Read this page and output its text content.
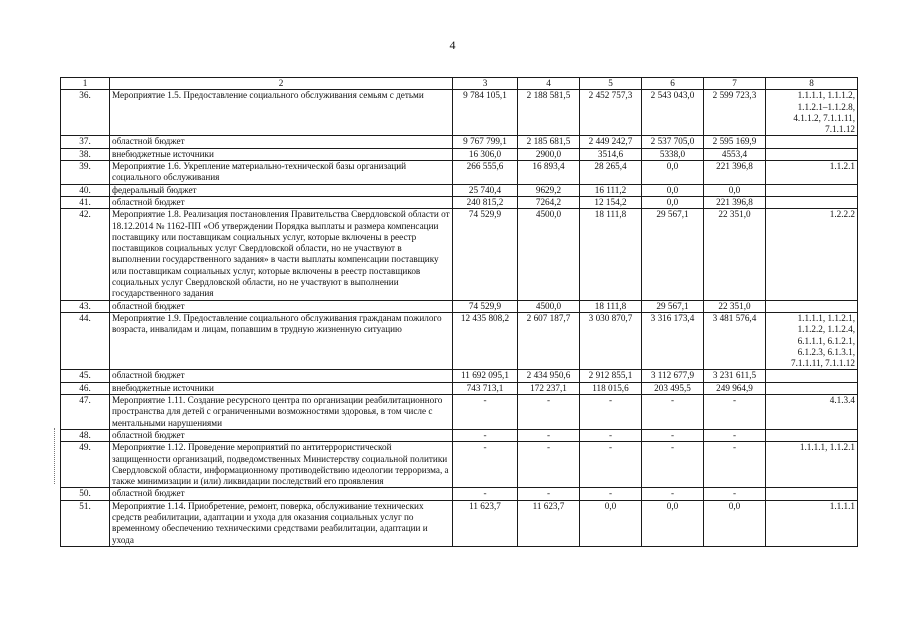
4
1	2	3	4	5	6	7	8
36.	Мероприятие 1.5. Предоставление социального обслуживания семьям с детьми	9 784 105,1	2 188 581,5	2 452 757,3	2 543 043,0	2 599 723,3	1.1.1.1, 1.1.1.2, 1.1.2.1–1.1.2.8, 4.1.1.2, 7.1.1.11, 7.1.1.12
37.	областной бюджет	9 767 799,1	2 185 681,5	2 449 242,7	2 537 705,0	2 595 169,9	
38.	внебюджетные источники	16 306,0	2900,0	3514,6	5338,0	4553,4	
39.	Мероприятие 1.6. Укрепление материально-технической базы организаций социального обслуживания	266 555,6	16 893,4	28 265,4	0,0	221 396,8	1.1.2.1
40.	федеральный бюджет	25 740,4	9629,2	16 111,2	0,0	0,0	
41.	областной бюджет	240 815,2	7264,2	12 154,2	0,0	221 396,8	
42.	Мероприятие 1.8. Реализация постановления Правительства Свердловской области от 18.12.2014 № 1162-ПП «Об утверждении Порядка выплаты и размера компенсации поставщику или поставщикам социальных услуг, которые включены в реестр поставщиков социальных услуг Свердловской области, но не участвуют в выполнении государственного задания» в части выплаты компенсации поставщику или поставщикам социальных услуг, которые включены в реестр поставщиков социальных услуг Свердловской области, но не участвуют в выполнении государственного задания	74 529,9	4500,0	18 111,8	29 567,1	22 351,0	1.2.2.2
43.	областной бюджет	74 529,9	4500,0	18 111,8	29 567,1	22 351,0	
44.	Мероприятие 1.9. Предоставление социального обслуживания гражданам пожилого возраста, инвалидам и лицам, попавшим в трудную жизненную ситуацию	12 435 808,2	2 607 187,7	3 030 870,7	3 316 173,4	3 481 576,4	1.1.1.1, 1.1.2.1, 1.1.2.2, 1.1.2.4, 6.1.1.1, 6.1.2.1, 6.1.2.3, 6.1.3.1, 7.1.1.11, 7.1.1.12
45.	областной бюджет	11 692 095,1	2 434 950,6	2 912 855,1	3 112 677,9	3 231 611,5	
46.	внебюджетные источники	743 713,1	172 237,1	118 015,6	203 495,5	249 964,9	
47.	Мероприятие 1.11. Создание ресурсного центра по организации реабилитационного пространства для детей с ограниченными возможностями здоровья, в том числе с ментальными нарушениями	-	-	-	-	-	4.1.3.4
48.	областной бюджет	-	-	-	-	-	
49.	Мероприятие 1.12. Проведение мероприятий по антитеррористической защищенности организаций, подведомственных Министерству социальной политики Свердловской области, информационному противодействию идеологии терроризма, а также минимизации и (или) ликвидации последствий его проявления	-	-	-	-	-	1.1.1.1, 1.1.2.1
50.	областной бюджет	-	-	-	-	-	
51.	Мероприятие 1.14. Приобретение, ремонт, поверка, обслуживание технических средств реабилитации, адаптации и ухода для оказания социальных услуг по временному обеспечению техническими средствами реабилитации, адаптации и ухода	11 623,7	11 623,7	0,0	0,0	0,0	1.1.1.1
